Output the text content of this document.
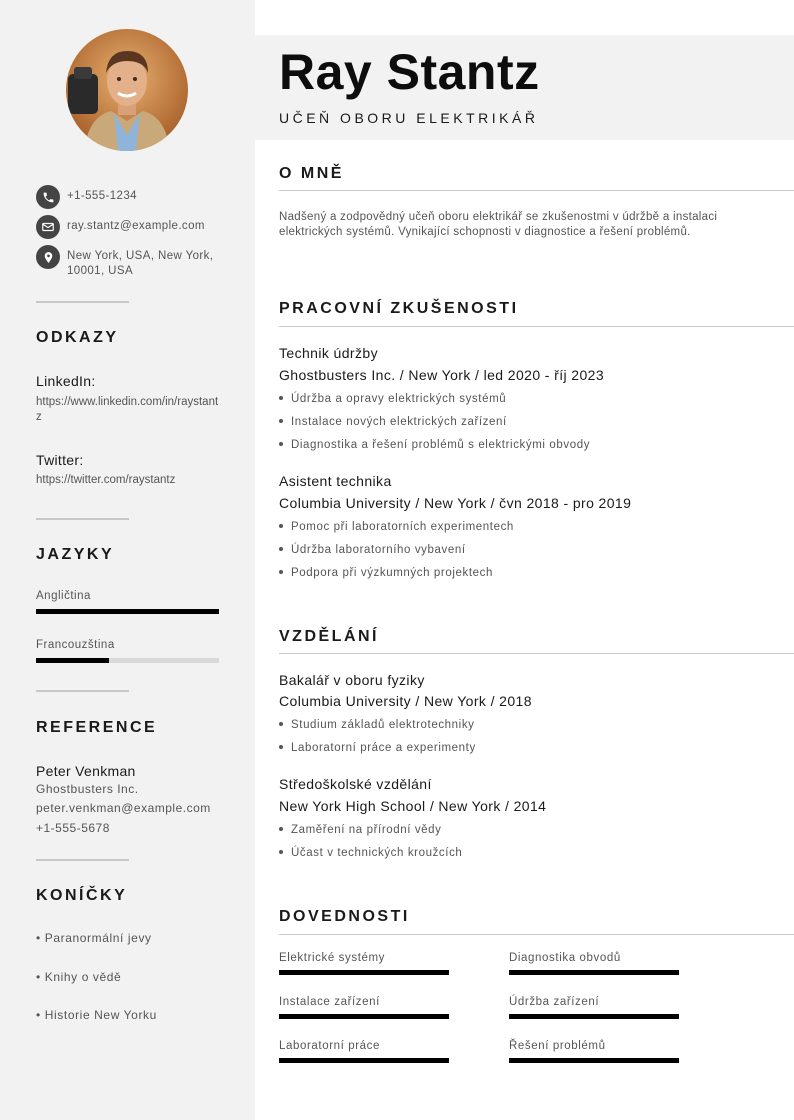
+1-555-1234
ray.stantz@example.com
New York, USA, New York, 10001, USA
ODKAZY
LinkedIn:
https://www.linkedin.com/in/raystantz
Twitter:
https://twitter.com/raystantz
JAZYKY
Angličtina
Francouzština
REFERENCE
Peter Venkman
Ghostbusters Inc.
peter.venkman@example.com
+1-555-5678
KONÍČKY
• Paranormální jevy
• Knihy o vědě
• Historie New Yorku
Ray Stantz
UČEŇ OBORU ELEKTRIKÁŘ
O MNĚ
Nadšený a zodpovědný učeň oboru elektrikář se zkušenostmi v údržbě a instalaci elektrických systémů. Vynikající schopnosti v diagnostice a řešení problémů.
PRACOVNÍ ZKUŠENOSTI
Technik údržby
Ghostbusters Inc. / New York / led 2020 - říj 2023
Údržba a opravy elektrických systémů
Instalace nových elektrických zařízení
Diagnostika a řešení problémů s elektrickými obvody
Asistent technika
Columbia University / New York / čvn 2018 - pro 2019
Pomoc při laboratorních experimentech
Údržba laboratorního vybavení
Podpora při výzkumných projektech
VZDĚLÁNÍ
Bakalář v oboru fyziky
Columbia University / New York / 2018
Studium základů elektrotechniky
Laboratorní práce a experimenty
Středoškolské vzdělání
New York High School / New York / 2014
Zaměření na přírodní vědy
Účast v technických kroužcích
DOVEDNOSTI
Elektrické systémy	Diagnostika obvodů
Instalace zařízení	Údržba zařízení
Laboratorní práce	Řešení problémů
